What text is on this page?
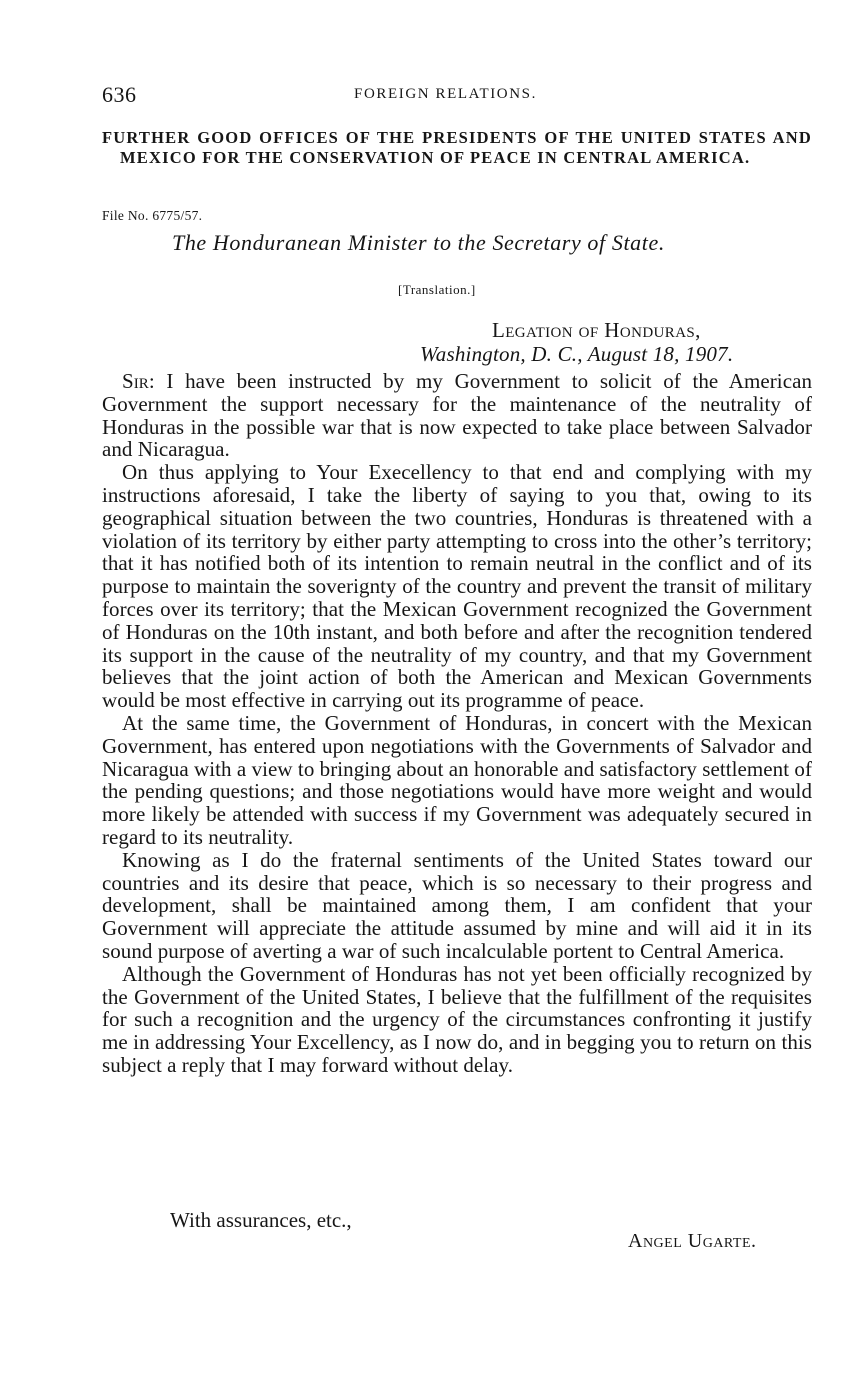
636	FOREIGN RELATIONS.
FURTHER GOOD OFFICES OF THE PRESIDENTS OF THE UNITED STATES AND MEXICO FOR THE CONSERVATION OF PEACE IN CENTRAL AMERICA.
File No. 6775/57.
The Honduranean Minister to the Secretary of State.
[Translation.]
Legation of Honduras,
Washington, D. C., August 18, 1907.

Sir: I have been instructed by my Government to solicit of the American Government the support necessary for the maintenance of the neutrality of Honduras in the possible war that is now expected to take place between Salvador and Nicaragua.

On thus applying to Your Execellency to that end and complying with my instructions aforesaid, I take the liberty of saying to you that, owing to its geographical situation between the two countries, Honduras is threatened with a violation of its territory by either party attempting to cross into the other’s territory; that it has notified both of its intention to remain neutral in the conflict and of its purpose to maintain the soverignty of the country and prevent the transit of military forces over its territory; that the Mexican Government recognized the Government of Honduras on the 10th instant, and both before and after the recognition tendered its support in the cause of the neutrality of my country, and that my Government believes that the joint action of both the American and Mexican Governments would be most effective in carrying out its programme of peace.

At the same time, the Government of Honduras, in concert with the Mexican Government, has entered upon negotiations with the Governments of Salvador and Nicaragua with a view to bringing about an honorable and satisfactory settlement of the pending questions; and those negotiations would have more weight and would more likely be attended with success if my Government was adequately secured in regard to its neutrality.

Knowing as I do the fraternal sentiments of the United States toward our countries and its desire that peace, which is so necessary to their progress and development, shall be maintained among them, I am confident that your Government will appreciate the attitude assumed by mine and will aid it in its sound purpose of averting a war of such incalculable portent to Central America.

Although the Government of Honduras has not yet been officially recognized by the Government of the United States, I believe that the fulfillment of the requisites for such a recognition and the urgency of the circumstances confronting it justify me in addressing Your Excellency, as I now do, and in begging you to return on this subject a reply that I may forward without delay.

With assurances, etc.,
Angel Ugarte.
